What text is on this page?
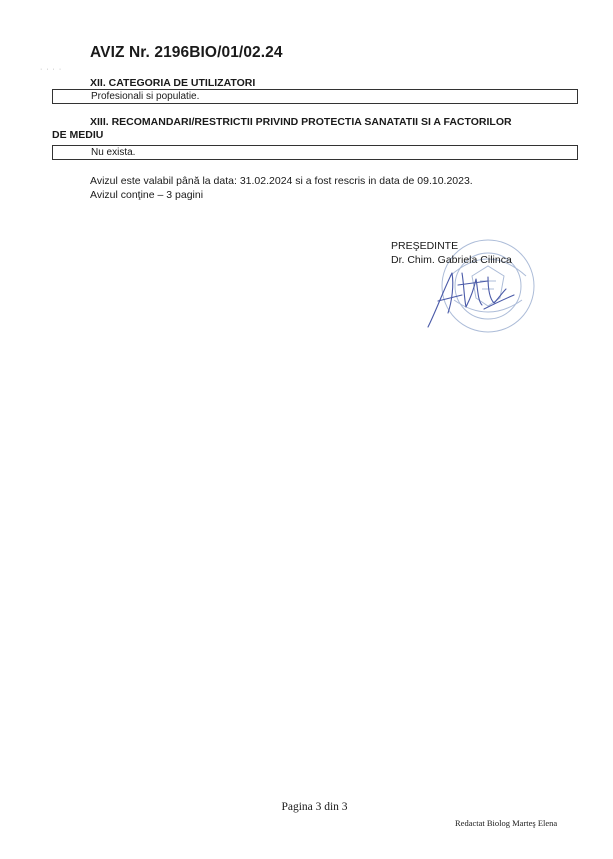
· · · ·
AVIZ Nr. 2196BIO/01/02.24
XII. CATEGORIA DE UTILIZATORI
Profesionali si populatie.
XIII. RECOMANDARI/RESTRICTII PRIVIND PROTECTIA SANATATII SI A FACTORILOR
DE MEDIU
Nu exista.
Avizul este valabil până la data: 31.02.2024 si a fost rescris in data de 09.10.2023.
Avizul conţine – 3 pagini
PREŞEDINTE
Dr. Chim. Gabriela Cilinca
Pagina 3 din 3
Redactat Biolog Marteş Elena
